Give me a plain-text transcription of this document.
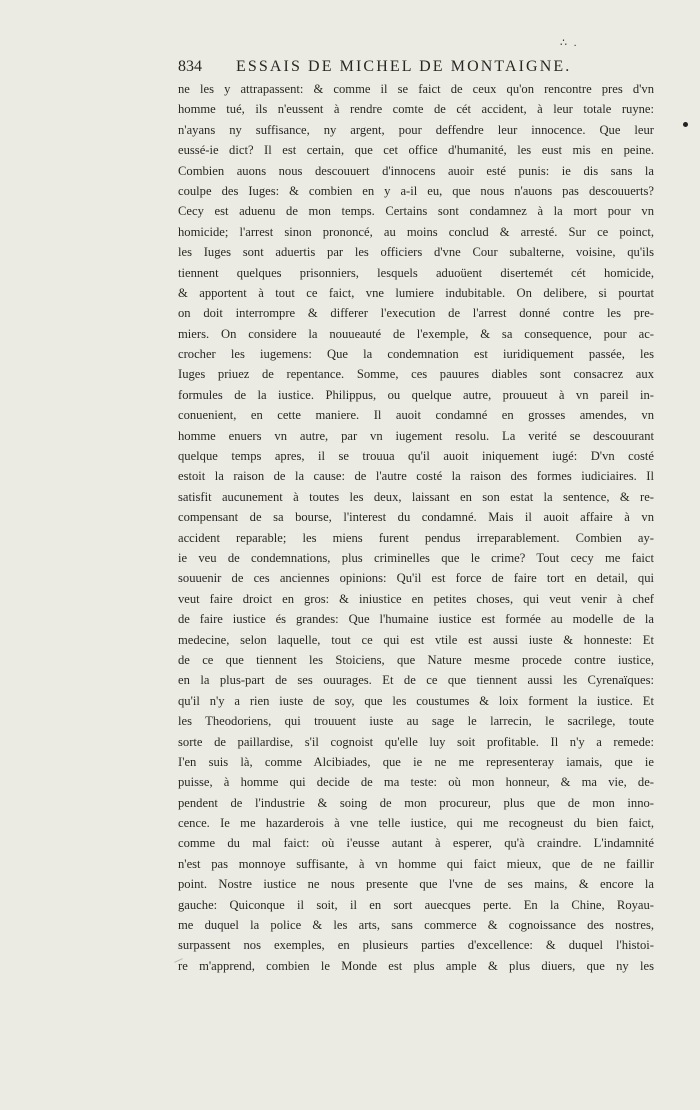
∴ .
834 ESSAIS DE MICHEL DE MONTAIGNE.
ne les y attrapassent: & comme il se faict de ceux qu'on rencontre pres d'vn
homme tué, ils n'eussent à rendre comte de cét accident, à leur totale ruyne:
n'ayans ny suffisance, ny argent, pour deffendre leur innocence. Que leur
eussé-ie dict? Il est certain, que cet office d'humanité, les eust mis en peine.
Combien auons nous descouuert d'innocens auoir esté punis: ie dis sans la
coulpe des Iuges: & combien en y a-il eu, que nous n'auons pas descouuerts?
Cecy est aduenu de mon temps. Certains sont condamnez à la mort pour vn
homicide; l'arrest sinon prononcé, au moins conclud & arresté. Sur ce poinct,
les Iuges sont aduertis par les officiers d'vne Cour subalterne, voisine, qu'ils
tiennent quelques prisonniers, lesquels aduoüent disertemét cét homicide,
& apportent à tout ce faict, vne lumiere indubitable. On delibere, si pourtat
on doit interrompre & differer l'execution de l'arrest donné contre les pre-
miers. On considere la nouueauté de l'exemple, & sa consequence, pour ac-
crocher les iugemens: Que la condemnation est iuridiquement passée, les
Iuges priuez de repentance. Somme, ces pauures diables sont consacrez aux
formules de la iustice. Philippus, ou quelque autre, prouueut à vn pareil in-
conuenient, en cette maniere. Il auoit condamné en grosses amendes, vn
homme enuers vn autre, par vn iugement resolu. La verité se descouurant
quelque temps apres, il se trouua qu'il auoit iniquement iugé: D'vn costé
estoit la raison de la cause: de l'autre costé la raison des formes iudiciaires. Il
satisfit aucunement à toutes les deux, laissant en son estat la sentence, & re-
compensant de sa bourse, l'interest du condamné. Mais il auoit affaire à vn
accident reparable; les miens furent pendus irreparablement. Combien ay-
ie veu de condemnations, plus criminelles que le crime? Tout cecy me faict
souuenir de ces anciennes opinions: Qu'il est force de faire tort en detail, qui
veut faire droict en gros: & iniustice en petites choses, qui veut venir à chef
de faire iustice és grandes: Que l'humaine iustice est formée au modelle de la
medecine, selon laquelle, tout ce qui est vtile est aussi iuste & honneste: Et
de ce que tiennent les Stoiciens, que Nature mesme procede contre iustice,
en la plus-part de ses ouurages. Et de ce que tiennent aussi les Cyrenaïques:
qu'il n'y a rien iuste de soy, que les coustumes & loix forment la iustice. Et
les Theodoriens, qui trouuent iuste au sage le larrecin, le sacrilege, toute
sorte de paillardise, s'il cognoist qu'elle luy soit profitable. Il n'y a remede:
I'en suis là, comme Alcibiades, que ie ne me representeray iamais, que ie
puisse, à homme qui decide de ma teste: où mon honneur, & ma vie, de-
pendent de l'industrie & soing de mon procureur, plus que de mon inno-
cence. Ie me hazarderois à vne telle iustice, qui me recogneust du bien faict,
comme du mal faict: où i'eusse autant à esperer, qu'à craindre. L'indamnité
n'est pas monnoye suffisante, à vn homme qui faict mieux, que de ne faillir
point. Nostre iustice ne nous presente que l'vne de ses mains, & encore la
gauche: Quiconque il soit, il en sort auecques perte. En la Chine, Royau-
me duquel la police & les arts, sans commerce & cognoissance des nostres,
surpassent nos exemples, en plusieurs parties d'excellence: & duquel l'histoi-
re m'apprend, combien le Monde est plus ample & plus diuers, que ny les
